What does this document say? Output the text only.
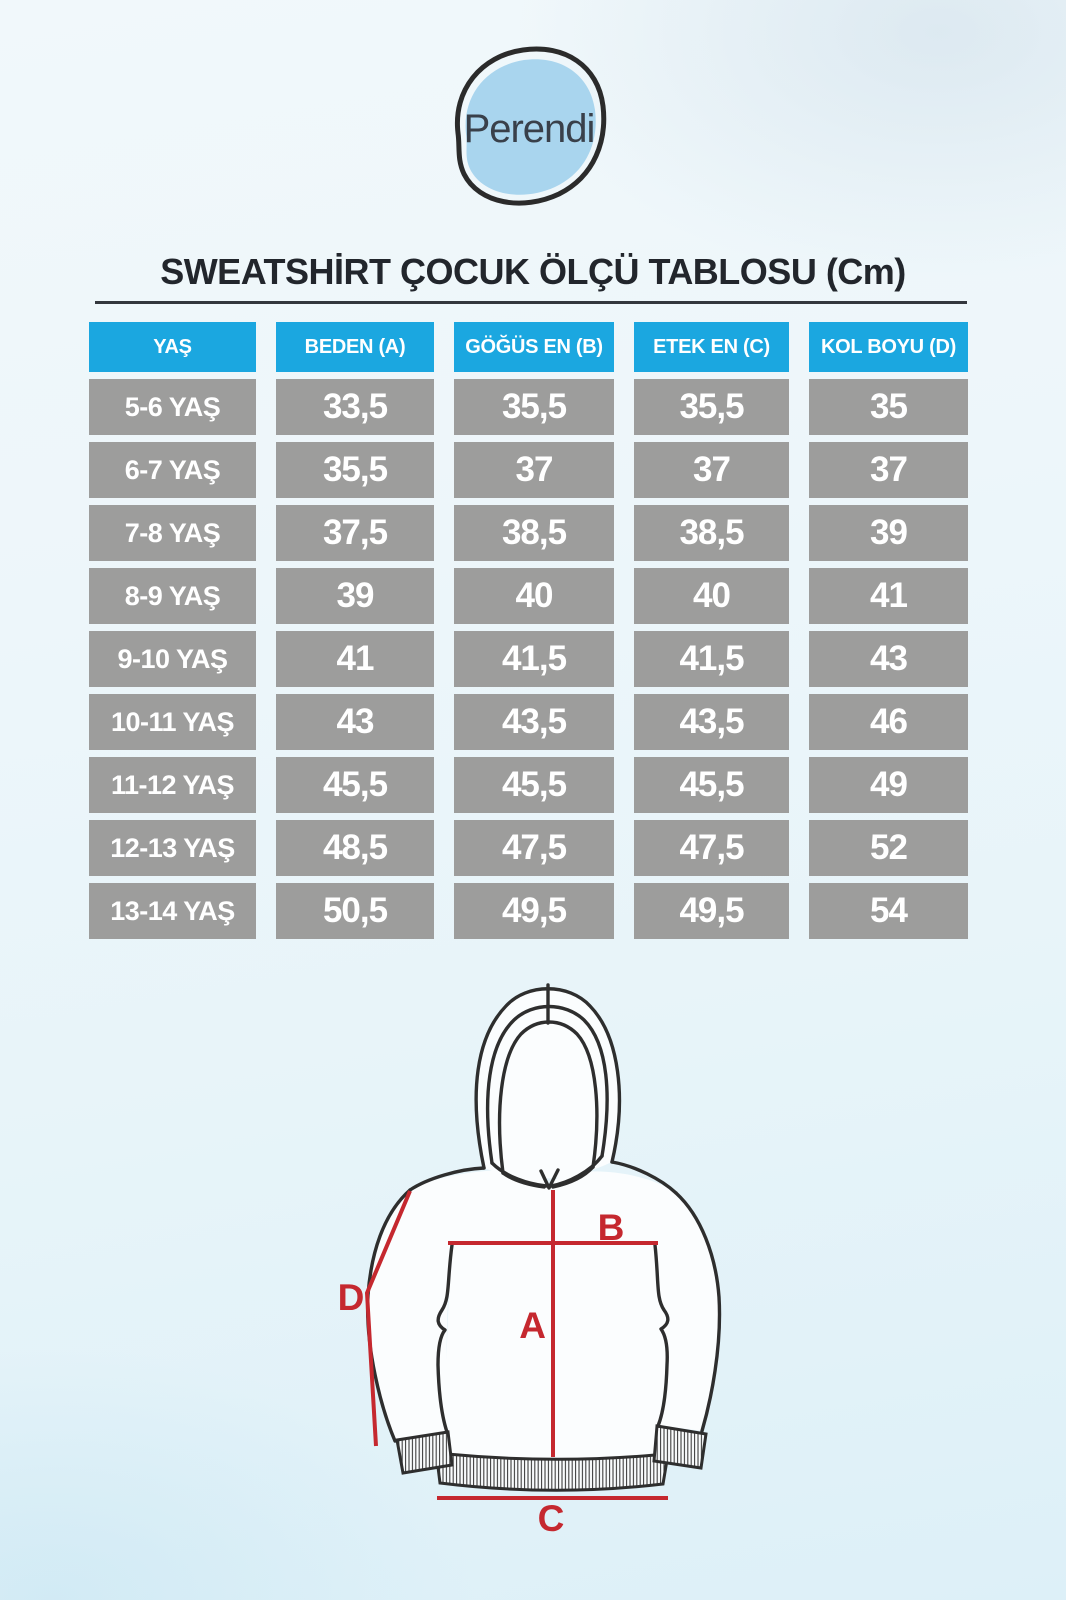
Perendi
SWEATSHİRT ÇOCUK ÖLÇÜ TABLOSU (Cm)
YAŞ	BEDEN (A)	GÖĞÜS EN (B)	ETEK EN (C)	KOL BOYU (D)
5-6 YAŞ	33,5	35,5	35,5	35
6-7 YAŞ	35,5	37	37	37
7-8 YAŞ	37,5	38,5	38,5	39
8-9 YAŞ	39	40	40	41
9-10 YAŞ	41	41,5	41,5	43
10-11 YAŞ	43	43,5	43,5	46
11-12 YAŞ	45,5	45,5	45,5	49
12-13 YAŞ	48,5	47,5	47,5	52
13-14 YAŞ	50,5	49,5	49,5	54
A
B
C
D
